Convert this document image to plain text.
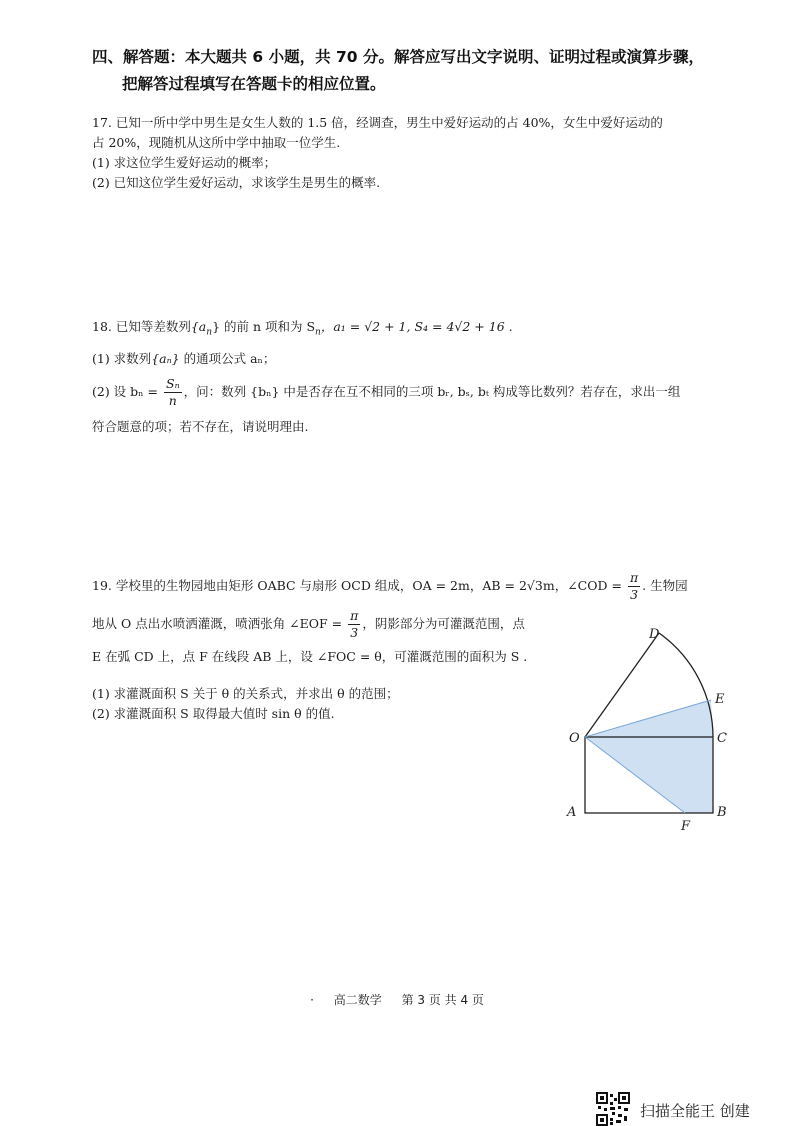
四、解答题：本大题共 6 小题，共 70 分。解答应写出文字说明、证明过程或演算步骤，
把解答过程填写在答题卡的相应位置。
17. 已知一所中学中男生是女生人数的 1.5 倍，经调查，男生中爱好运动的占 40%，女生中爱好运动的
占 20%，现随机从这所中学中抽取一位学生.
(1) 求这位学生爱好运动的概率；
(2) 已知这位学生爱好运动，求该学生是男生的概率.
18. 已知等差数列$\{a_n\}$ 的前 n 项和为 $S_n$，a₁ = √2 + 1, S₄ = 4√2 + 16 .
(1) 求数列{aₙ} 的通项公式 aₙ；
(2) 设 $b_n = \frac{\text{Sₙ}}{n}$ ，问：数列 {bₙ} 中是否存在互不相同的三项 bᵣ, bₛ, bₜ 构成等比数列？若存在，求出一组
符合题意的项；若不存在，请说明理由.
19. 学校里的生物园地由矩形 OABC 与扇形 OCD 组成，OA = 2m，AB = 2√3m，∠COD = $\frac{\pi}{3}$ . 生物园
地从 O 点出水喷洒灌溉，喷洒张角 ∠EOF = $\frac{\pi}{3}$ ，阴影部分为可灌溉范围，点
E 在弧 CD 上，点 F 在线段 AB 上，设 ∠FOC = θ，可灌溉范围的面积为 S .
(1) 求灌溉面积 S 关于 θ 的关系式，并求出 θ 的范围；
(2) 求灌溉面积 S 取得最大值时 sin θ 的值.
D
E
O	C
A	B
F
· 高二数学 第 3 页 共 4 页
扫描全能王 创建
